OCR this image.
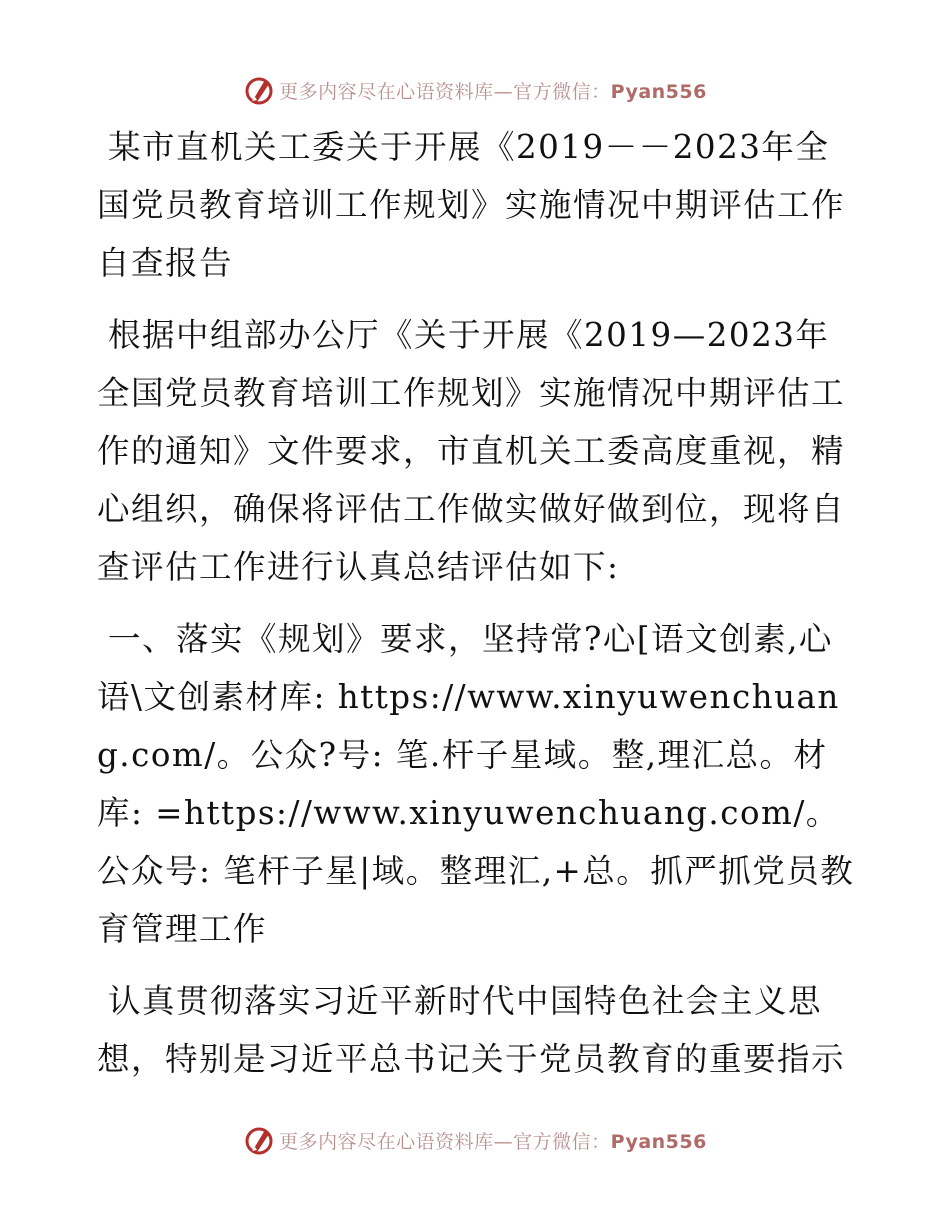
更多内容尽在心语资料库—官方微信：Pyan556

某市直机关工委关于开展《2019－－2023年全国党员教育培训工作规划》实施情况中期评估工作自查报告

根据中组部办公厅《关于开展《2019—2023年全国党员教育培训工作规划》实施情况中期评估工作的通知》文件要求，市直机关工委高度重视，精心组织，确保将评估工作做实做好做到位，现将自查评估工作进行认真总结评估如下:

一、落实《规划》要求，坚持常?心[语文创素,心语\文创素材库: https://www.xinyuwenchuang.com/。公众?号: 笔.杆子星域。整,理汇总。材库: =https://www.xinyuwenchuang.com/。公众号: 笔杆子星|域。整理汇,+总。抓严抓党员教育管理工作

认真贯彻落实习近平新时代中国特色社会主义思想，特别是习近平总书记关于党员教育的重要指示

更多内容尽在心语资料库—官方微信：Pyan556
